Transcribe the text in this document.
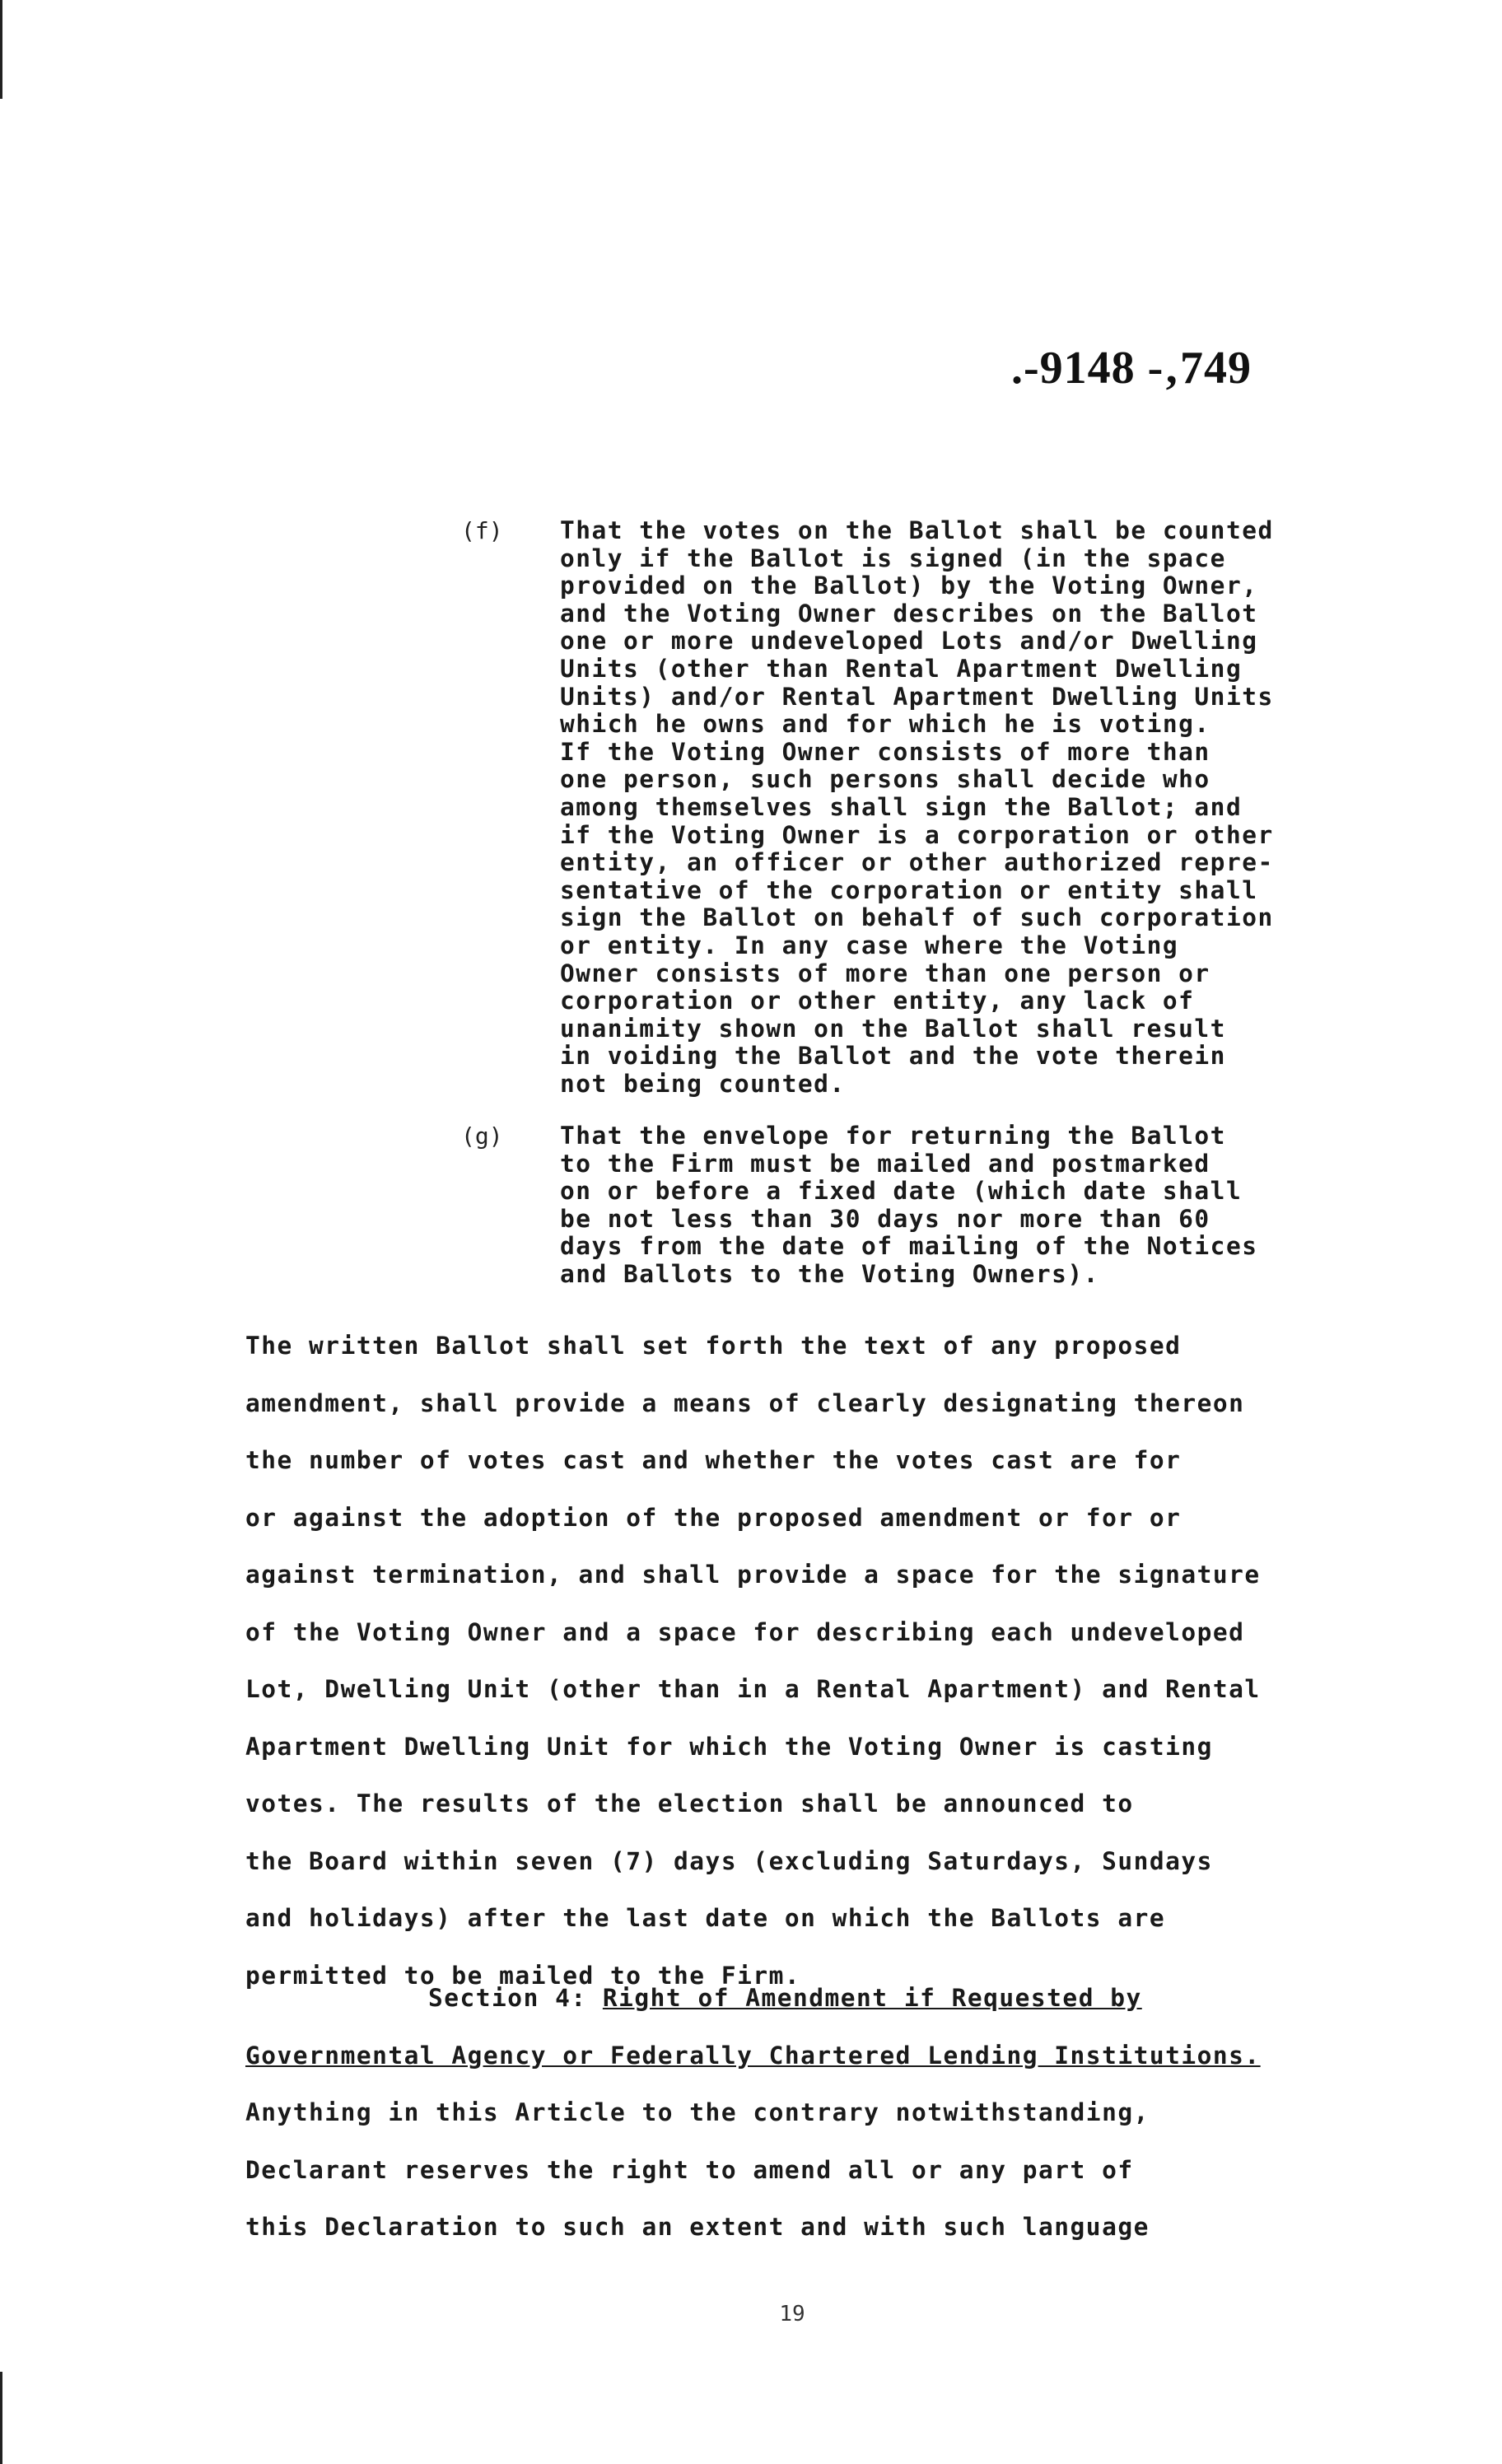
.-9148 -‚749
(f) That the votes on the Ballot shall be counted
only if the Ballot is signed (in the space
provided on the Ballot) by the Voting Owner,
and the Voting Owner describes on the Ballot
one or more undeveloped Lots and/or Dwelling
Units (other than Rental Apartment Dwelling
Units) and/or Rental Apartment Dwelling Units
which he owns and for which he is voting.
If the Voting Owner consists of more than
one person, such persons shall decide who
among themselves shall sign the Ballot; and
if the Voting Owner is a corporation or other
entity, an officer or other authorized repre-
sentative of the corporation or entity shall
sign the Ballot on behalf of such corporation
or entity. In any case where the Voting
Owner consists of more than one person or
corporation or other entity, any lack of
unanimity shown on the Ballot shall result
in voiding the Ballot and the vote therein
not being counted.
(g) That the envelope for returning the Ballot
to the Firm must be mailed and postmarked
on or before a fixed date (which date shall
be not less than 30 days nor more than 60
days from the date of mailing of the Notices
and Ballots to the Voting Owners).
The written Ballot shall set forth the text of any proposed
amendment, shall provide a means of clearly designating thereon
the number of votes cast and whether the votes cast are for
or against the adoption of the proposed amendment or for or
against termination, and shall provide a space for the signature
of the Voting Owner and a space for describing each undeveloped
Lot, Dwelling Unit (other than in a Rental Apartment) and Rental
Apartment Dwelling Unit for which the Voting Owner is casting
votes. The results of the election shall be announced to
the Board within seven (7) days (excluding Saturdays, Sundays
and holidays) after the last date on which the Ballots are
permitted to be mailed to the Firm.
Section 4: Right of Amendment if Requested by
Governmental Agency or Federally Chartered Lending Institutions.
Anything in this Article to the contrary notwithstanding,
Declarant reserves the right to amend all or any part of
this Declaration to such an extent and with such language
19
